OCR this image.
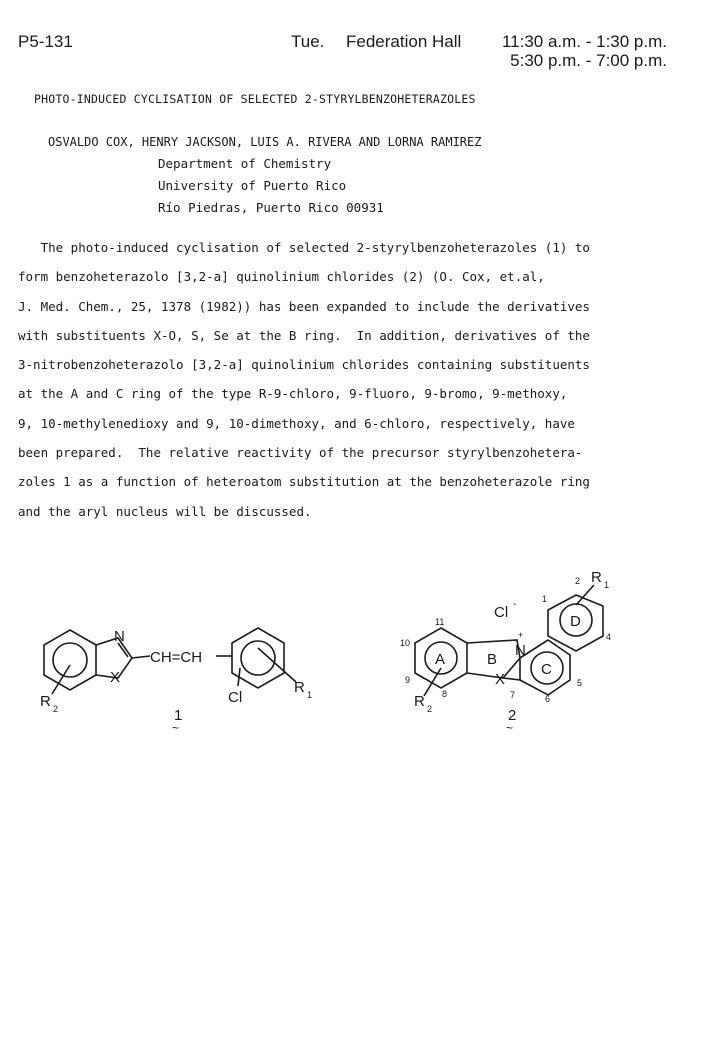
P5-131	Tue. Federation Hall 11:30 a.m. - 1:30 p.m.
5:30 p.m. - 7:00 p.m.
PHOTO-INDUCED CYCLISATION OF SELECTED 2-STYRYLBENZOHETERAZOLES
OSVALDO COX, HENRY JACKSON, LUIS A. RIVERA AND LORNA RAMIREZ
Department of Chemistry
University of Puerto Rico
Río Piedras, Puerto Rico 00931
The photo-induced cyclisation of selected 2-styrylbenzoheterazoles (1) to
form benzoheterazolo [3,2-a] quinolinium chlorides (2) (O. Cox, et.al,
J. Med. Chem., 25, 1378 (1982)) has been expanded to include the derivatives
with substituents X-O, S, Se at the B ring.  In addition, derivatives of the
3-nitrobenzoheterazolo [3,2-a] quinolinium chlorides containing substituents
at the A and C ring of the type R-9-chloro, 9-fluoro, 9-bromo, 9-methoxy,
9, 10-methylenedioxy and 9, 10-dimethoxy, and 6-chloro, respectively, have
been prepared.  The relative reactivity of the precursor styrylbenzohetera-
zoles 1 as a function of heteroatom substitution at the benzoheterazole ring
and the aryl nucleus will be discussed.
N
X
CH=CH
Cl
R 1
R 2	1
~
Cl -
N
+
X
A	B
C
D
R 1
R 2
1
2
4
5
6
7
8
9
10
11
2
~
